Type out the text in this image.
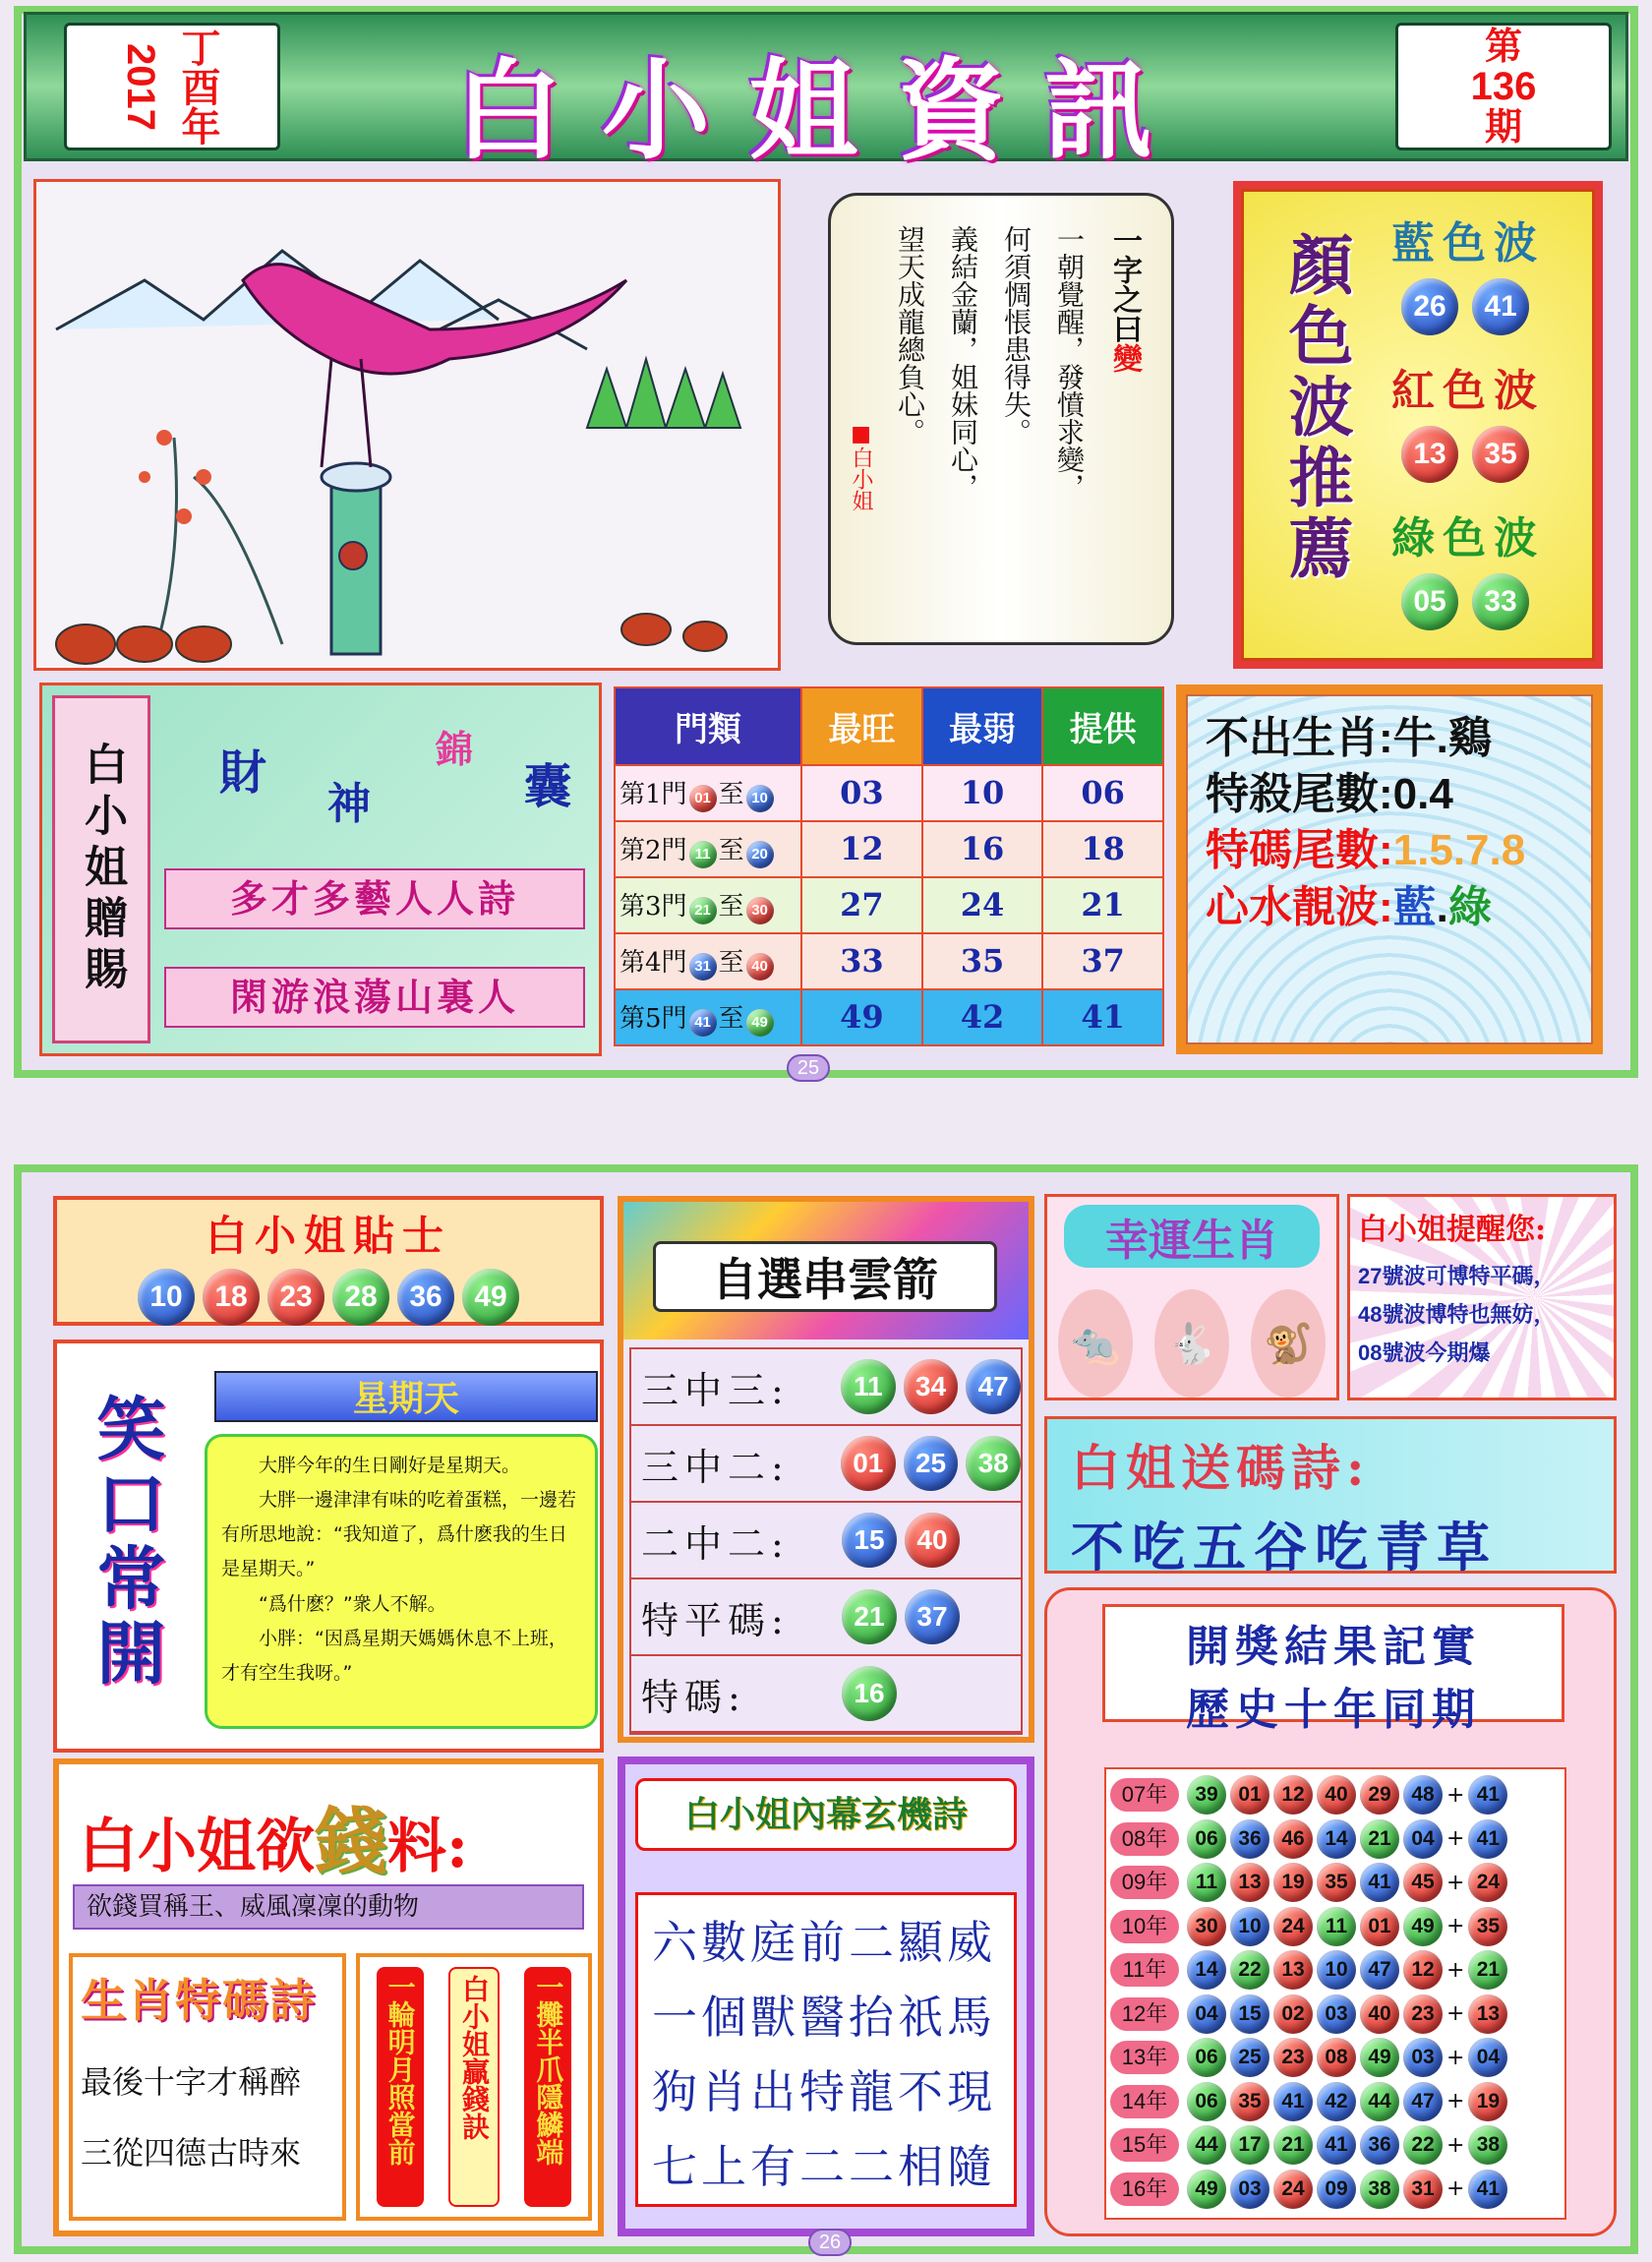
2017 丁酉年	白小姐資訊
第
136
期
一字之曰變
一朝覺醒，發憤求變，
何須惆悵患得失。
義結金蘭，姐妹同心，
望天成龍總負心。
■白小姐	顏色波推薦 藍色波
26	41
紅色波
13	35
綠色波
05	33
白小姐贈賜	財
神
錦
囊
多才多藝人人詩
閑游浪蕩山裏人
門類	最旺	最弱	提供
第1門 01 至 10	03	10	06
第2門 11 至 20	12	16	18
第3門 21 至 30	27	24	21
第4門 31 至 40	33	35	37
第5門 41 至 49	49	42	41
不出生肖:牛.鷄
特殺尾數:0.4
特碼尾數:1.5.7.8
心水靚波:藍.綠
25
白小姐貼士
10	18	23	28	36	49
笑口常開	星期天

大胖今年的生日剛好是星期天。

大胖一邊津津有味的吃着蛋糕，一邊若有所思地說：“我知道了，爲什麽我的生日是星期天。”

“爲什麽？”衆人不解。

小胖：“因爲星期天媽媽休息不上班，才有空生我呀。”

自選串雲箭
三中三:	11	34	47
三中二:	01	25	38
二中二:	15	40
特平碼:	21	37
特碼:	16
幸運生肖
🐀	🐇	🐒
白小姐提醒您:
27號波可博特平碼，
48號波博特也無妨，
08號波今期爆
白姐送碼詩:
不吃五谷吃青草
開獎結果記實
歷史十年同期
07年	39 01 12 40 29 48 + 41
08年	06 36 46 14 21 04 + 41
09年	11	13 19 35 41 45 + 24
10年	30 10 24	11	01 49 + 35
11年	14 22 13 10 47 12 + 21
12年	04 15 02 03 40 23 + 13
13年	06 25 23 08 49 03 + 04
14年	06 35 41 42 44 47 + 19
15年	44 17 21 41 36 22 + 38
16年	49 03 24 09 38 31 + 41
白小姐欲錢料:
欲錢買稱王、威風凜凜的動物
生肖特碼詩
最後十字才稱醉
三從四德古時來	一輪明月照當前	白小姐贏錢訣	一攤半爪隱鱗端
白小姐內幕玄機詩
六數庭前二顯威
一個獸醫抬祇馬
狗肖出特龍不現
七上有二二相隨
26
